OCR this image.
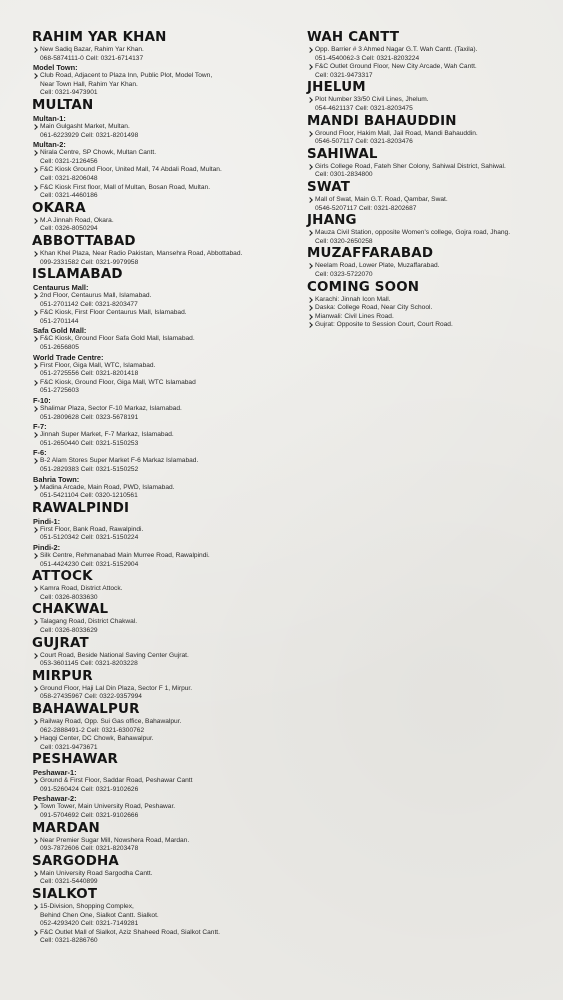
RAHIM YAR KHAN
New Sadiq Bazar, Rahim Yar Khan.
068-5874111-0 Cell: 0321-6714137
Model Town:
Club Road, Adjacent to Plaza Inn, Public Plot, Model Town,
Near Town Hall, Rahim Yar Khan.
Cell: 0321-9473901
MULTAN
Multan-1:
Main Gulgasht Market, Multan.
061-6223929 Cell: 0321-8201498
Multan-2:
Nirala Centre, SP Chowk, Multan Cantt.
Cell: 0321-2126456
F&C Kiosk Ground Floor, United Mall, 74 Abdali Road, Multan.
Cell: 0321-8206048
F&C Kiosk First floor, Mall of Multan, Bosan Road, Multan.
Cell: 0321-4460186
OKARA
M.A Jinnah Road, Okara.
Cell: 0326-8050294
ABBOTTABAD
Khan Khel Plaza, Near Radio Pakistan, Mansehra Road, Abbottabad.
099-2331582 Cell: 0321-9979958
ISLAMABAD
Centaurus Mall:
2nd Floor, Centaurus Mall, Islamabad.
051-2701142 Cell: 0321-8203477
F&C Kiosk, First Floor Centaurus Mall, Islamabad.
051-2701144
Safa Gold Mall:
F&C Kiosk, Ground Floor Safa Gold Mall, Islamabad.
051-2656805
World Trade Centre:
First Floor, Giga Mall, WTC, Islamabad.
051-2725556 Cell: 0321-8201418
F&C Kiosk, Ground Floor, Giga Mall, WTC Islamabad
051-2725603
F-10:
Shalimar Plaza, Sector F-10 Markaz, Islamabad.
051-2809628 Cell: 0323-5678191
F-7:
Jinnah Super Market, F-7 Markaz, Islamabad.
051-2650440 Cell: 0321-5150253
F-6:
B-2 Alam Stores Super Market F-6 Markaz Islamabad.
051-2829383 Cell: 0321-5150252
Bahria Town:
Madina Arcade, Main Road, PWD, Islamabad.
051-5421104 Cell: 0320-1210561
RAWALPINDI
Pindi-1:
First Floor, Bank Road, Rawalpindi.
051-5120342 Cell: 0321-5150224
Pindi-2:
Silk Centre, Rehmanabad Main Murree Road, Rawalpindi.
051-4424230 Cell: 0321-5152904
ATTOCK
Kamra Road, District Attock.
Cell: 0326-8033630
CHAKWAL
Talagang Road, District Chakwal.
Cell: 0326-8033629
GUJRAT
Court Road, Beside National Saving Center Gujrat.
053-3601145 Cell: 0321-8203228
MIRPUR
Ground Floor, Haji Lal Din Plaza, Sector F 1, Mirpur.
058-27435967 Cell: 0322-9357994
BAHAWALPUR
Railway Road, Opp. Sui Gas office, Bahawalpur.
062-2888491-2 Cell: 0321-6300762
Haqqi Center, DC Chowk, Bahawalpur.
Cell: 0321-9473671
PESHAWAR
Peshawar-1:
Ground & First Floor, Saddar Road, Peshawar Cantt
091-5260424 Cell: 0321-9102626
Peshawar-2:
Town Tower, Main University Road, Peshawar.
091-5704692 Cell: 0321-9102666
MARDAN
Near Premier Sugar Mill, Nowshera Road, Mardan.
093-7872606 Cell: 0321-8203478
SARGODHA
Main University Road Sargodha Cantt.
Cell: 0321-5440899
SIALKOT
15-Division, Shopping Complex,
Behind Chen One, Sialkot Cantt. Sialkot.
052-4293420 Cell: 0321-7149281
F&C Outlet Mall of Sialkot, Aziz Shaheed Road, Sialkot Cantt.
Cell: 0321-8286760
WAH CANTT
Opp. Barrier # 3 Ahmed Nagar G.T. Wah Cantt. (Taxila).
051-4540062-3 Cell: 0321-8203224
F&C Outlet Ground Floor, New City Arcade, Wah Cantt.
Cell: 0321-9473317
JHELUM
Plot Number 33/50 Civil Lines, Jhelum.
054-4621137 Cell: 0321-8203475
MANDI BAHAUDDIN
Ground Floor, Hakim Mall, Jail Road, Mandi Bahauddin.
0546-507117 Cell: 0321-8203476
SAHIWAL
Girls College Road, Fateh Sher Colony, Sahiwal District, Sahiwal.
Cell: 0301-2834800
SWAT
Mall of Swat, Main G.T. Road, Qambar, Swat.
0546-5207117 Cell: 0321-8202687
JHANG
Mauza Civil Station, opposite Women's college, Gojra road, Jhang.
Cell: 0320-2650258
MUZAFFARABAD
Neelam Road, Lower Plate, Muzaffarabad.
Cell: 0323-5722070
COMING SOON
Karachi: Jinnah Icon Mall.
Daska: College Road, Near City School.
Mianwali: Civil Lines Road.
Gujrat: Opposite to Session Court, Court Road.
